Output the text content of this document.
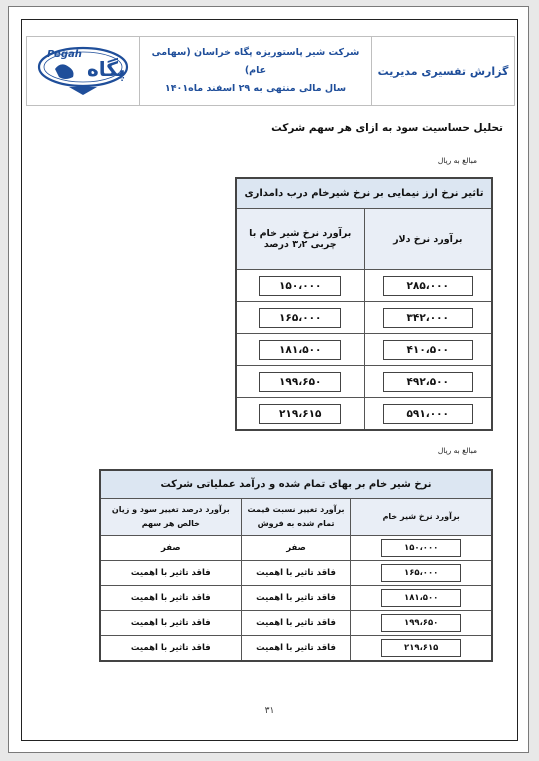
Pegah
پگاه
شرکت شیر پاستوریزه پگاه خراسان (سهامی عام)
سال مالی منتهی به ۲۹ اسفند ماه۱۴۰۱
گزارش تفسیری مدیریت
تحلیل حساسیت سود به ازای هر سهم شرکت
مبالغ به ریال
تاثیر نرخ ارز نیمایی بر نرخ شیرخام درب دامداری	
برآورد نرخ دلار	برآورد نرخ شیر خام با چربی ۳٫۲ درصد
۲۸۵،۰۰۰	۱۵۰،۰۰۰
۳۴۲،۰۰۰	۱۶۵،۰۰۰
۴۱۰،۵۰۰	۱۸۱،۵۰۰
۴۹۲،۵۰۰	۱۹۹،۶۵۰
۵۹۱،۰۰۰	۲۱۹،۶۱۵
مبالغ به ریال
نرخ شیر خام بر بهای تمام شده و درآمد عملیاتی شرکت		
برآورد نرخ شیر خام	برآورد تغییر نسبت قیمت تمام شده به فروش	برآورد درصد تغییر سود و زیان خالص هر سهم
۱۵۰،۰۰۰	صفر	صفر
۱۶۵،۰۰۰	فاقد تاثیر با اهمیت	فاقد تاثیر با اهمیت
۱۸۱،۵۰۰	فاقد تاثیر با اهمیت	فاقد تاثیر با اهمیت
۱۹۹،۶۵۰	فاقد تاثیر با اهمیت	فاقد تاثیر با اهمیت
۲۱۹،۶۱۵	فاقد تاثیر با اهمیت	فاقد تاثیر با اهمیت
۳۱
